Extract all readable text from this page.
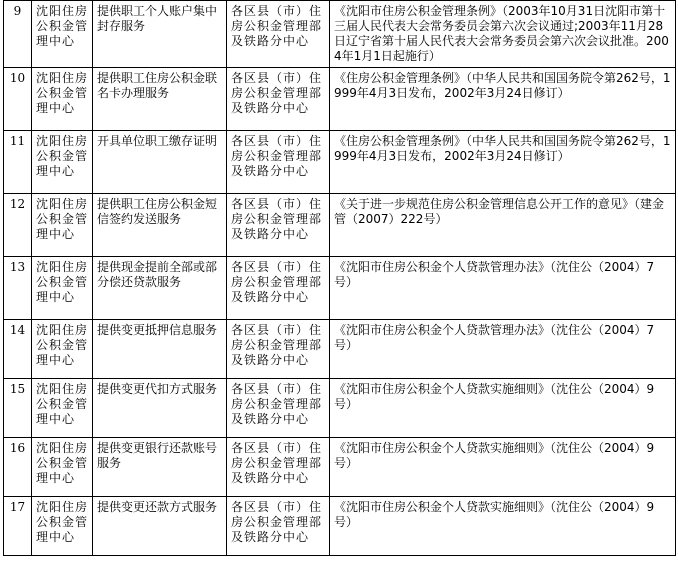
9	沈阳住房公积金管理中心	提供职工个人账户集中封存服务	各区县（市）住房公积金管理部及铁路分中心	《沈阳市住房公积金管理条例》（2003年10月31日沈阳市第十三届人民代表大会常务委员会第六次会议通过;2003年11月28日辽宁省第十届人民代表大会常务委员会第六次会议批准。2004年1月1日起施行）
10	沈阳住房公积金管理中心	提供职工住房公积金联名卡办理服务	各区县（市）住房公积金管理部及铁路分中心	《住房公积金管理条例》（中华人民共和国国务院令第262号，1999年4月3日发布，2002年3月24日修订）
11	沈阳住房公积金管理中心	开具单位职工缴存证明	各区县（市）住房公积金管理部及铁路分中心	《住房公积金管理条例》（中华人民共和国国务院令第262号，1999年4月3日发布，2002年3月24日修订）
12	沈阳住房公积金管理中心	提供职工住房公积金短信签约发送服务	各区县（市）住房公积金管理部及铁路分中心	《关于进一步规范住房公积金管理信息公开工作的意见》（建金管（2007）222号）
13	沈阳住房公积金管理中心	提供现金提前全部或部分偿还贷款服务	各区县（市）住房公积金管理部及铁路分中心	《沈阳市住房公积金个人贷款管理办法》（沈住公（2004）7号）
14	沈阳住房公积金管理中心	提供变更抵押信息服务	各区县（市）住房公积金管理部及铁路分中心	《沈阳市住房公积金个人贷款管理办法》（沈住公（2004）7号）
15	沈阳住房公积金管理中心	提供变更代扣方式服务	各区县（市）住房公积金管理部及铁路分中心	《沈阳市住房公积金个人贷款实施细则》（沈住公（2004）9号）
16	沈阳住房公积金管理中心	提供变更银行还款账号服务	各区县（市）住房公积金管理部及铁路分中心	《沈阳市住房公积金个人贷款实施细则》（沈住公（2004）9号）
17	沈阳住房公积金管理中心	提供变更还款方式服务	各区县（市）住房公积金管理部及铁路分中心	《沈阳市住房公积金个人贷款实施细则》（沈住公（2004）9号）
